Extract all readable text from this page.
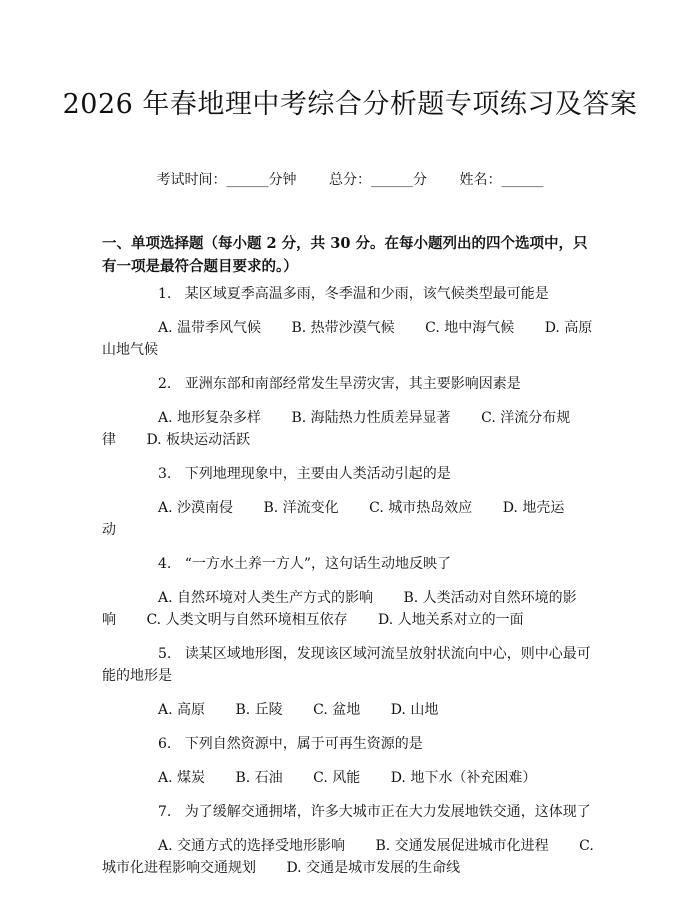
2026 年春地理中考综合分析题专项练习及答案
考试时间：______分钟 总分：______分 姓名：______
一、单项选择题（每小题 2 分，共 30 分。在每小题列出的四个选项中，只有一项是最符合题目要求的。）
1. 某区域夏季高温多雨，冬季温和少雨，该气候类型最可能是
A. 温带季风气候 B. 热带沙漠气候 C. 地中海气候 D. 高原山地气候
2. 亚洲东部和南部经常发生旱涝灾害，其主要影响因素是
A. 地形复杂多样 B. 海陆热力性质差异显著 C. 洋流分布规律 D. 板块运动活跃
3. 下列地理现象中，主要由人类活动引起的是
A. 沙漠南侵 B. 洋流变化 C. 城市热岛效应 D. 地壳运动
4. “一方水土养一方人”，这句话生动地反映了
A. 自然环境对人类生产方式的影响 B. 人类活动对自然环境的影响 C. 人类文明与自然环境相互依存 D. 人地关系对立的一面
5. 读某区域地形图，发现该区域河流呈放射状流向中心，则中心最可能的地形是
A. 高原 B. 丘陵 C. 盆地 D. 山地
6. 下列自然资源中，属于可再生资源的是
A. 煤炭 B. 石油 C. 风能 D. 地下水（补充困难）
7. 为了缓解交通拥堵，许多大城市正在大力发展地铁交通，这体现了
A. 交通方式的选择受地形影响 B. 交通发展促进城市化进程 C. 城市化进程影响交通规划 D. 交通是城市发展的生命线
